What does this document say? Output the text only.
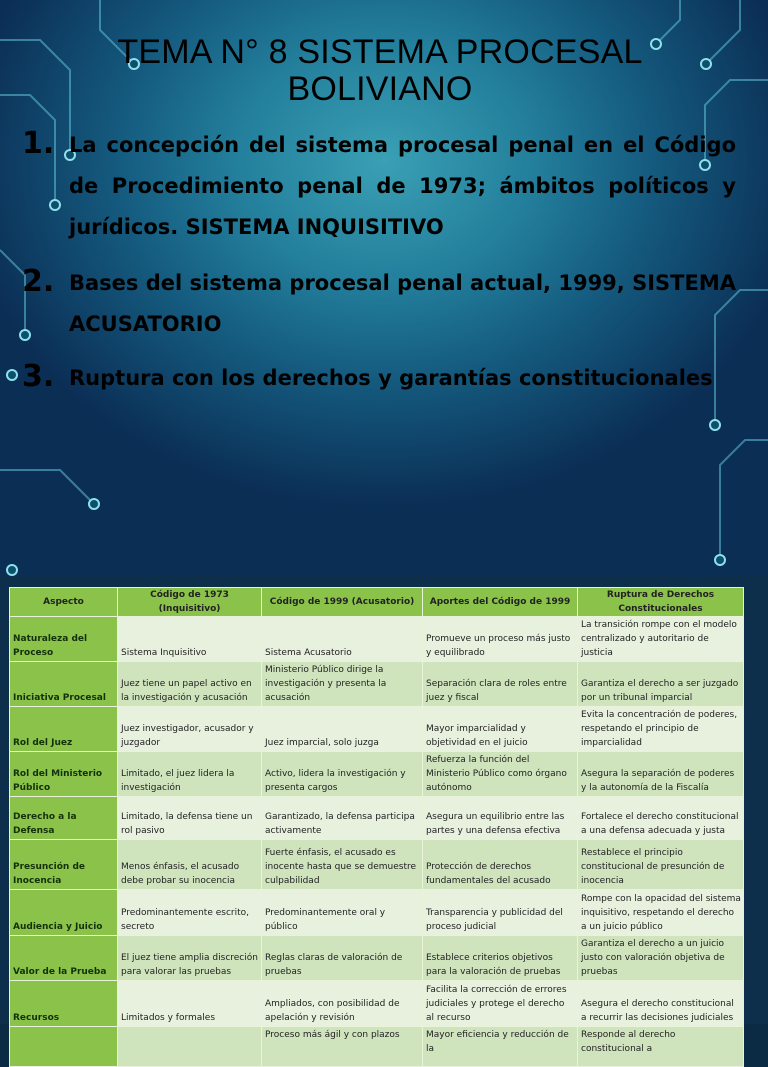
TEMA N° 8 SISTEMA PROCESAL
BOLIVIANO
1. La concepción del sistema procesal penal en el Código de Procedimiento penal de 1973; ámbitos políticos y jurídicos. SISTEMA INQUISITIVO
2. Bases del sistema procesal penal actual, 1999, SISTEMA ACUSATORIO
3. Ruptura con los derechos y garantías constitucionales
Aspecto	Código de 1973 (Inquisitivo)	Código de 1999 (Acusatorio)	Aportes del Código de 1999	Ruptura de Derechos Constitucionales
Naturaleza del Proceso	Sistema Inquisitivo	Sistema Acusatorio	Promueve un proceso más justo y equilibrado	La transición rompe con el modelo centralizado y autoritario de justicia
Iniciativa Procesal	Juez tiene un papel activo en la investigación y acusación	Ministerio Público dirige la investigación y presenta la acusación	Separación clara de roles entre juez y fiscal	Garantiza el derecho a ser juzgado por un tribunal imparcial
Rol del Juez	Juez investigador, acusador y juzgador	Juez imparcial, solo juzga	Mayor imparcialidad y objetividad en el juicio	Evita la concentración de poderes, respetando el principio de imparcialidad
Rol del Ministerio Público	Limitado, el juez lidera la investigación	Activo, lidera la investigación y presenta cargos	Refuerza la función del Ministerio Público como órgano autónomo	Asegura la separación de poderes y la autonomía de la Fiscalía
Derecho a la Defensa	Limitado, la defensa tiene un rol pasivo	Garantizado, la defensa participa activamente	Asegura un equilibrio entre las partes y una defensa efectiva	Fortalece el derecho constitucional a una defensa adecuada y justa
Presunción de Inocencia	Menos énfasis, el acusado debe probar su inocencia	Fuerte énfasis, el acusado es inocente hasta que se demuestre culpabilidad	Protección de derechos fundamentales del acusado	Restablece el principio constitucional de presunción de inocencia
Audiencia y Juicio	Predominantemente escrito, secreto	Predominantemente oral y público	Transparencia y publicidad del proceso judicial	Rompe con la opacidad del sistema inquisitivo, respetando el derecho a un juicio público
Valor de la Prueba	El juez tiene amplia discreción para valorar las pruebas	Reglas claras de valoración de pruebas	Establece criterios objetivos para la valoración de pruebas	Garantiza el derecho a un juicio justo con valoración objetiva de pruebas
Recursos	Limitados y formales	Ampliados, con posibilidad de apelación y revisión	Facilita la corrección de errores judiciales y protege el derecho al recurso	Asegura el derecho constitucional a recurrir las decisiones judiciales
		Proceso más ágil y con plazos	Mayor eficiencia y reducción de la	Responde al derecho constitucional a
